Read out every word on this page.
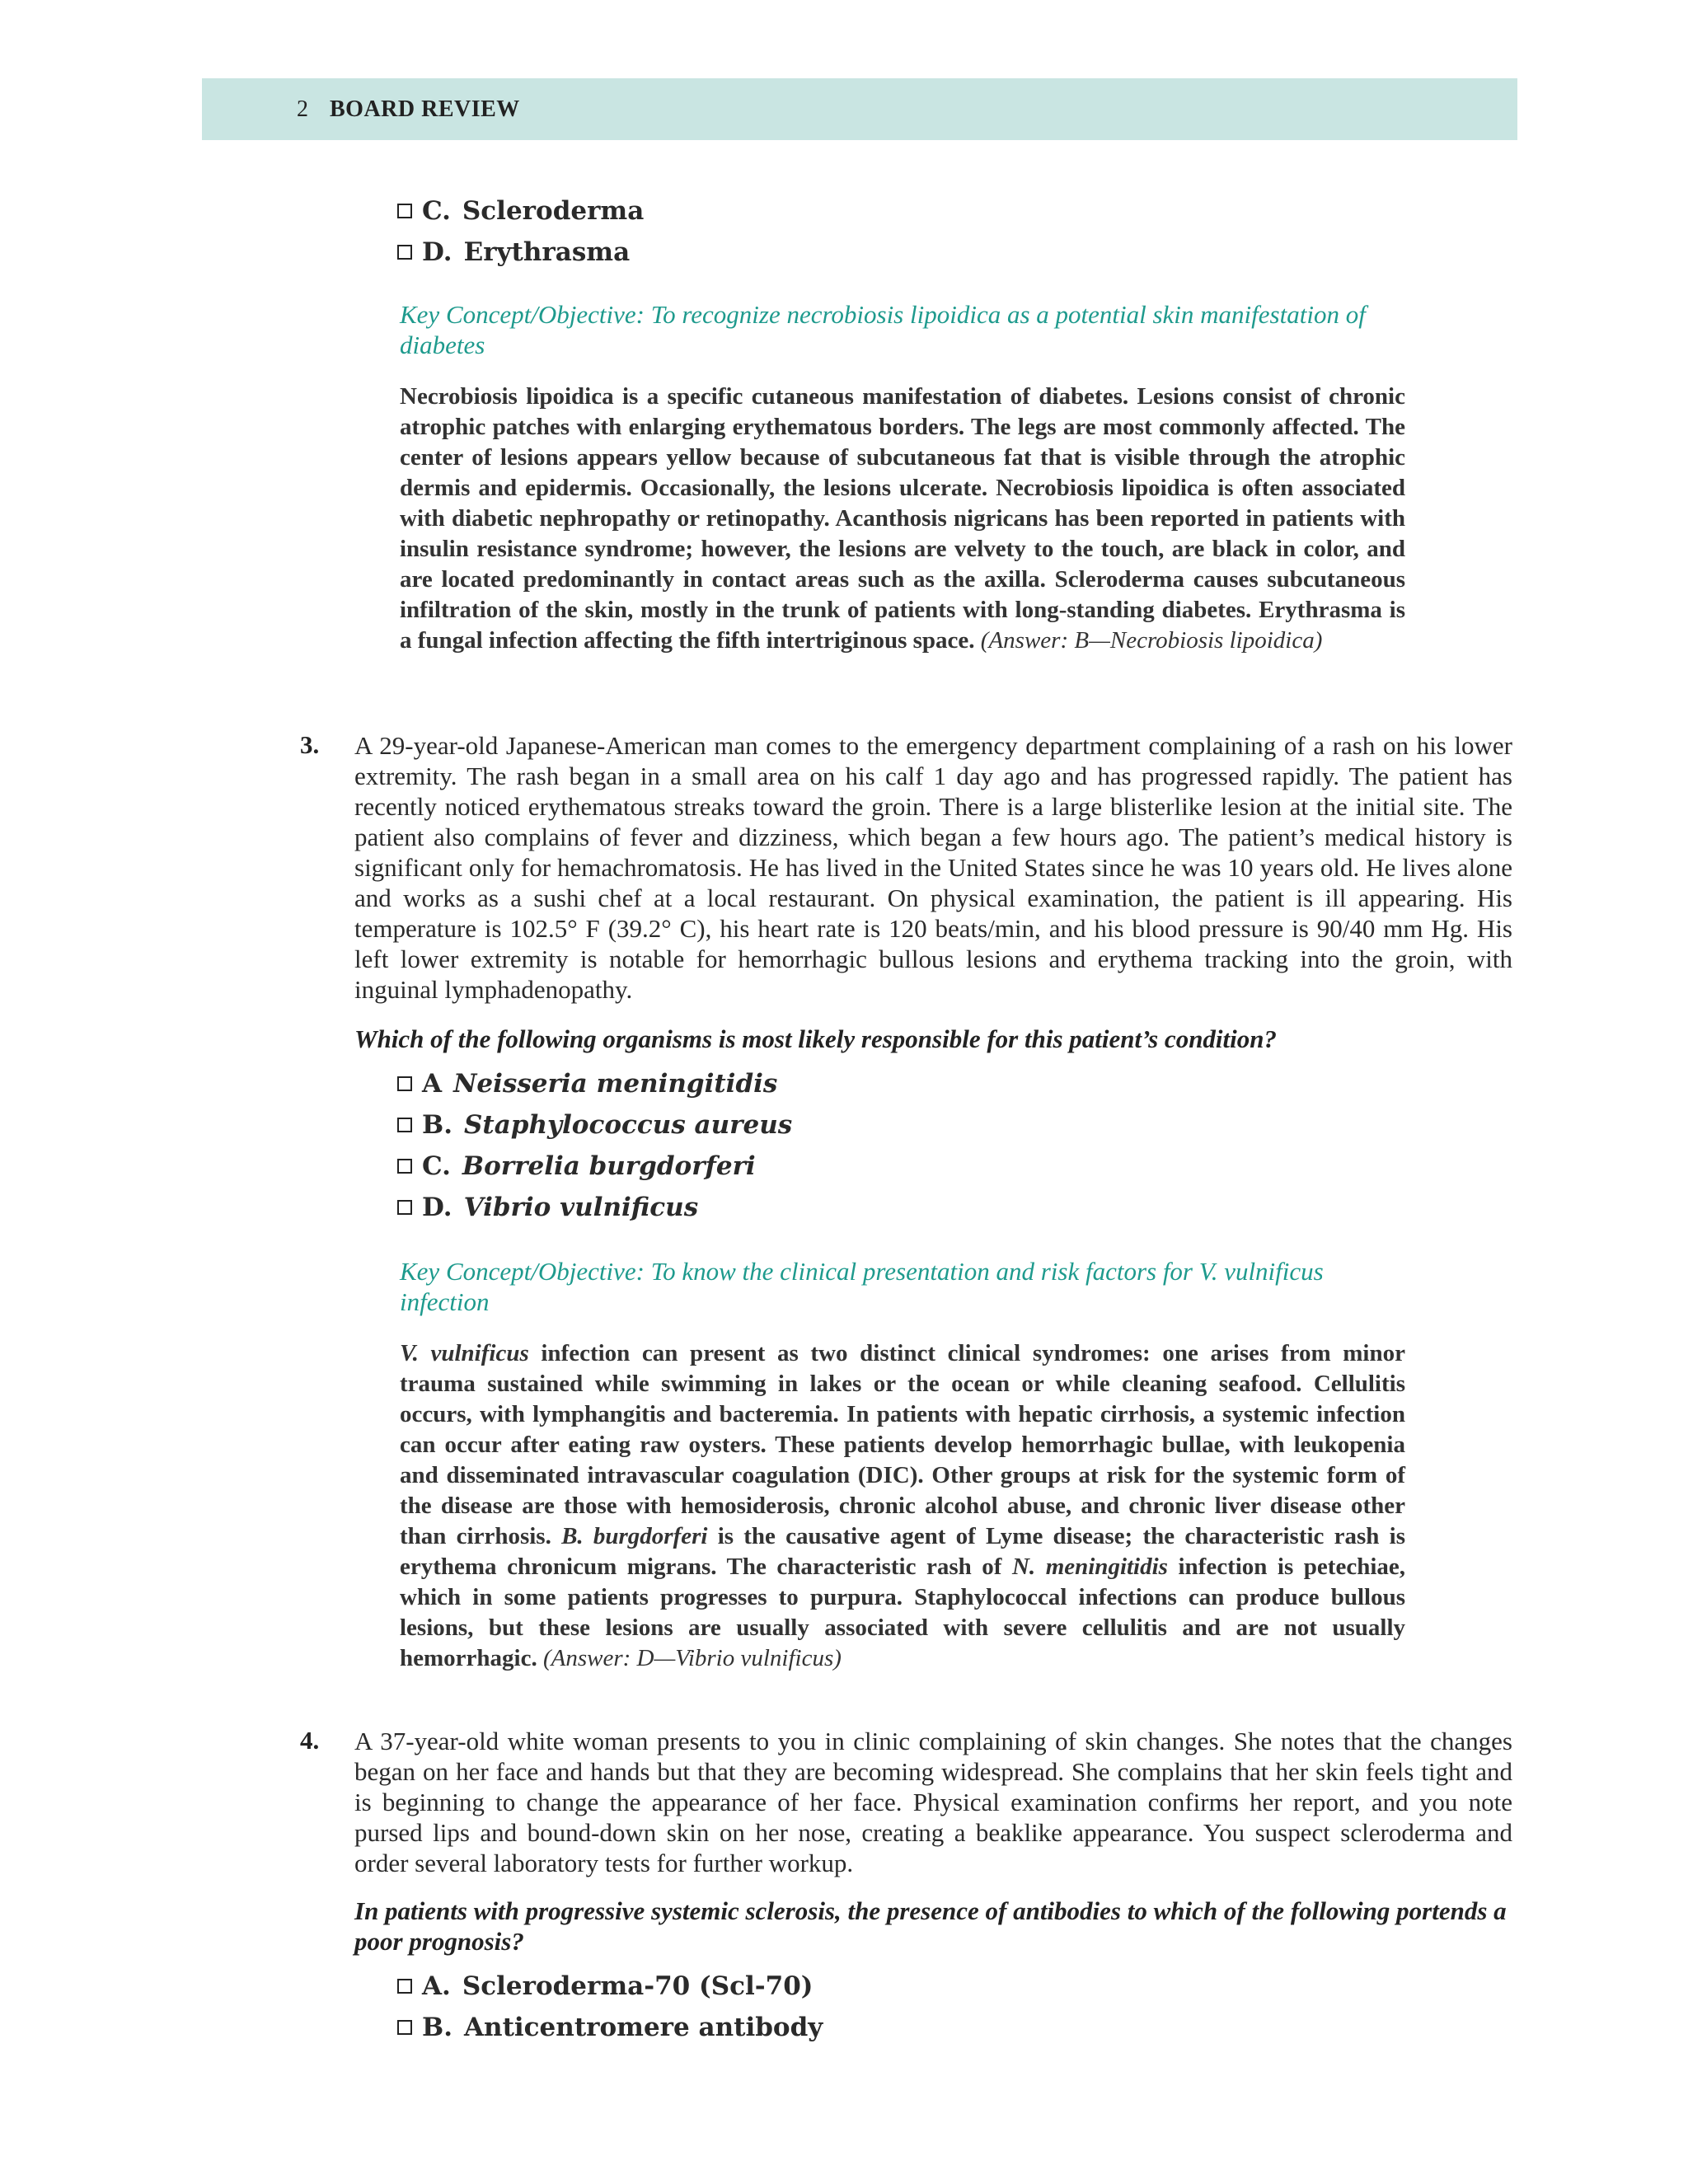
2 BOARD REVIEW
C. Scleroderma
D. Erythrasma
Key Concept/Objective: To recognize necrobiosis lipoidica as a potential skin manifestation of diabetes
Necrobiosis lipoidica is a specific cutaneous manifestation of diabetes. Lesions consist of chronic atrophic patches with enlarging erythematous borders. The legs are most commonly affected. The center of lesions appears yellow because of subcutaneous fat that is visible through the atrophic dermis and epidermis. Occasionally, the lesions ulcerate. Necrobiosis lipoidica is often associated with diabetic nephropathy or retinopathy. Acanthosis nigricans has been reported in patients with insulin resistance syndrome; however, the lesions are velvety to the touch, are black in color, and are located predominantly in contact areas such as the axilla. Scleroderma causes subcutaneous infiltration of the skin, mostly in the trunk of patients with long-standing diabetes. Erythrasma is a fungal infection affecting the fifth intertriginous space. (Answer: B—Necrobiosis lipoidica)
3. A 29-year-old Japanese-American man comes to the emergency department complaining of a rash on his lower extremity. The rash began in a small area on his calf 1 day ago and has progressed rapidly. The patient has recently noticed erythematous streaks toward the groin. There is a large blisterlike lesion at the initial site. The patient also complains of fever and dizziness, which began a few hours ago. The patient’s medical history is significant only for hemachromatosis. He has lived in the United States since he was 10 years old. He lives alone and works as a sushi chef at a local restaurant. On physical examination, the patient is ill appearing. His temperature is 102.5° F (39.2° C), his heart rate is 120 beats/min, and his blood pressure is 90/40 mm Hg. His left lower extremity is notable for hemorrhagic bullous lesions and erythema tracking into the groin, with inguinal lymphadenopathy.
Which of the following organisms is most likely responsible for this patient’s condition?
A Neisseria meningitidis
B. Staphylococcus aureus
C. Borrelia burgdorferi
D. Vibrio vulnificus
Key Concept/Objective: To know the clinical presentation and risk factors for V. vulnificus infection
V. vulnificus infection can present as two distinct clinical syndromes: one arises from minor trauma sustained while swimming in lakes or the ocean or while cleaning seafood. Cellulitis occurs, with lymphangitis and bacteremia. In patients with hepatic cirrhosis, a systemic infection can occur after eating raw oysters. These patients develop hemorrhagic bullae, with leukopenia and disseminated intravascular coagulation (DIC). Other groups at risk for the systemic form of the disease are those with hemosiderosis, chronic alcohol abuse, and chronic liver disease other than cirrhosis. B. burgdorferi is the causative agent of Lyme disease; the characteristic rash is erythema chronicum migrans. The characteristic rash of N. meningitidis infection is petechiae, which in some patients progresses to purpura. Staphylococcal infections can produce bullous lesions, but these lesions are usually associated with severe cellulitis and are not usually hemorrhagic. (Answer: D—Vibrio vulnificus)
4. A 37-year-old white woman presents to you in clinic complaining of skin changes. She notes that the changes began on her face and hands but that they are becoming widespread. She complains that her skin feels tight and is beginning to change the appearance of her face. Physical examination confirms her report, and you note pursed lips and bound-down skin on her nose, creating a beaklike appearance. You suspect scleroderma and order several laboratory tests for further workup.
In patients with progressive systemic sclerosis, the presence of antibodies to which of the following portends a poor prognosis?
A. Scleroderma-70 (Scl-70)
B. Anticentromere antibody
